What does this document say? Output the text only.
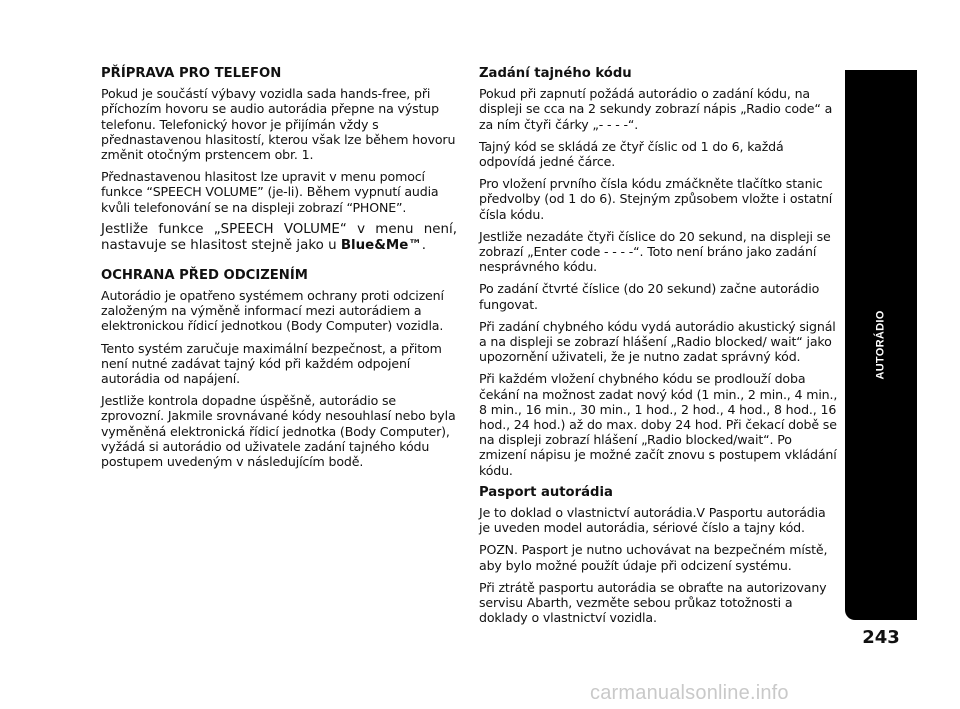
PŘÍPRAVA PRO TELEFON

Pokud je součástí výbavy vozidla sada hands-free, při příchozím hovoru se audio autorádia přepne na výstup telefonu. Telefonický hovor je přijímán vždy s přednastavenou hlasitostí, kterou však lze během hovoru změnit otočným prstencem obr. 1.

Přednastavenou hlasitost lze upravit v menu pomocí funkce “SPEECH VOLUME” (je-li). Během vypnutí audia kvůli telefonování se na displeji zobrazí “PHONE”.

Jestliže funkce „SPEECH VOLUME“ v menu není, nastavuje se hlasitost stejně jako u Blue&Me™.

OCHRANA PŘED ODCIZENÍM

Autorádio je opatřeno systémem ochrany proti odcizení založeným na výměně informací mezi autorádiem a elektronickou řídicí jednotkou (Body Computer) vozidla.

Tento systém zaručuje maximální bezpečnost, a přitom není nutné zadávat tajný kód při každém odpojení autorádia od napájení.

Jestliže kontrola dopadne úspěšně, autorádio se zprovozní. Jakmile srovnávané kódy nesouhlasí nebo byla vyměněná elektronická řídicí jednotka (Body Computer), vyžádá si autorádio od uživatele zadání tajného kódu postupem uvedeným v následujícím bodě.

Zadání tajného kódu

Pokud při zapnutí požádá autorádio o zadání kódu, na displeji se cca na 2 sekundy zobrazí nápis „Radio code“ a za ním čtyři čárky „- - - -“.

Tajný kód se skládá ze čtyř číslic od 1 do 6, každá odpovídá jedné čárce.

Pro vložení prvního čísla kódu zmáčkněte tlačítko stanic předvolby (od 1 do 6). Stejným způsobem vložte i ostatní čísla kódu.

Jestliže nezadáte čtyři číslice do 20 sekund, na displeji se zobrazí „Enter code - - - -“. Toto není bráno jako zadání nesprávného kódu.

Po zadání čtvrté číslice (do 20 sekund) začne autorádio fungovat.

Při zadání chybného kódu vydá autorádio akustický signál a na displeji se zobrazí hlášení „Radio blocked/ wait“ jako upozornění uživateli, že je nutno zadat správný kód.

Při každém vložení chybného kódu se prodlouží doba čekání na možnost zadat nový kód (1 min., 2 min., 4 min., 8 min., 16 min., 30 min., 1 hod., 2 hod., 4 hod., 8 hod., 16 hod., 24 hod.) až do max. doby 24 hod. Při čekací době se na displeji zobrazí hlášení „Radio blocked/wait“. Po zmizení nápisu je možné začít znovu s postupem vkládání kódu.

Pasport autorádia

Je to doklad o vlastnictví autorádia.V Pasportu autorádia je uveden model autorádia, sériové číslo a tajny kód.

POZN. Pasport je nutno uchovávat na bezpečném místě, aby bylo možné použít údaje při odcizení systému.

Při ztrátě pasportu autorádia se obraťte na autorizovany servisu Abarth, vezměte sebou průkaz totožnosti a doklady o vlastnictví vozidla.

AUTORÁDIO
243
carmanualsonline.info
